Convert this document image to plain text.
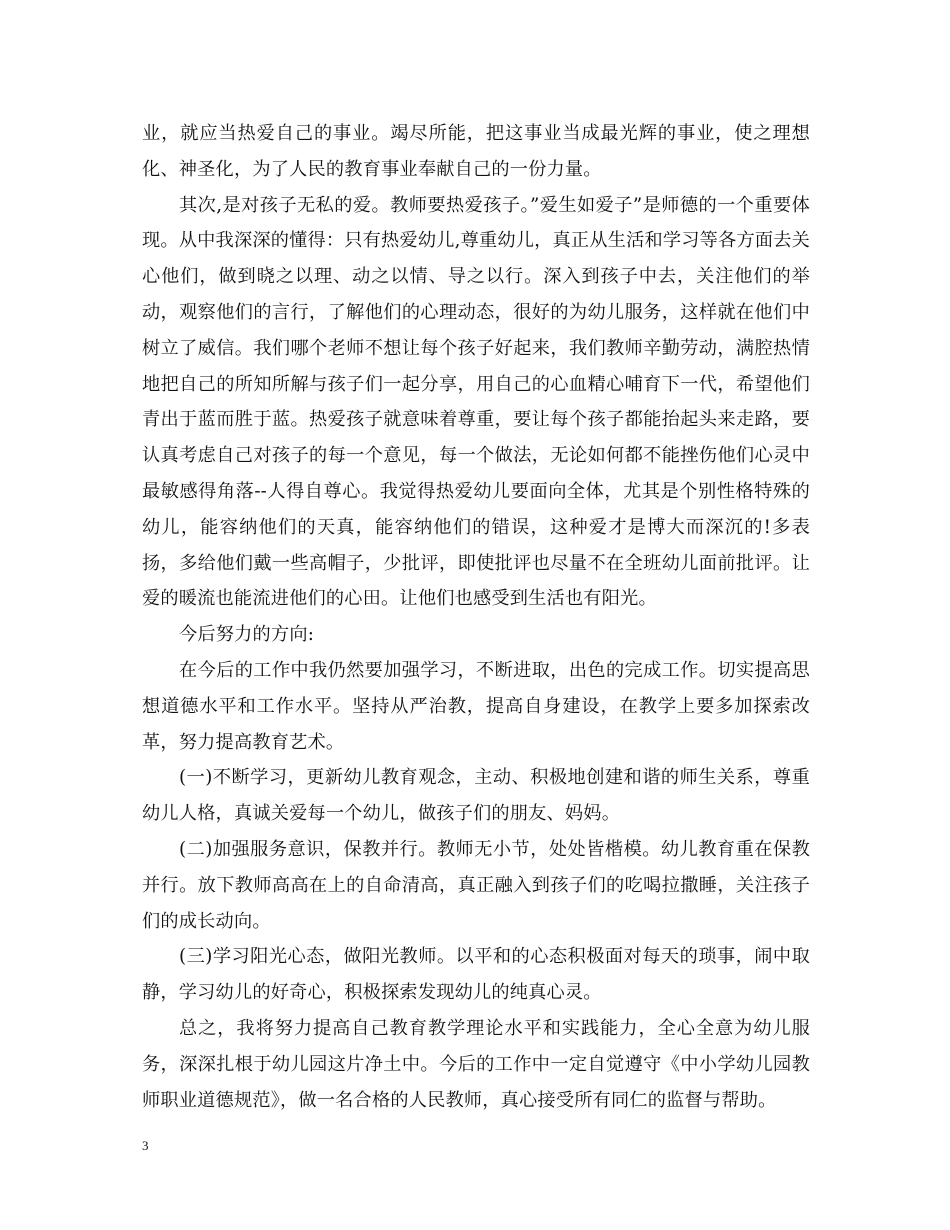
业，就应当热爱自己的事业。竭尽所能，把这事业当成最光辉的事业，使之理想化、神圣化，为了人民的教育事业奉献自己的一份力量。

其次,是对孩子无私的爱。教师要热爱孩子。”爱生如爱子”是师德的一个重要体现。从中我深深的懂得：只有热爱幼儿,尊重幼儿，真正从生活和学习等各方面去关心他们，做到晓之以理、动之以情、导之以行。深入到孩子中去，关注他们的举动，观察他们的言行，了解他们的心理动态，很好的为幼儿服务，这样就在他们中树立了威信。我们哪个老师不想让每个孩子好起来，我们教师辛勤劳动，满腔热情地把自己的所知所解与孩子们一起分享，用自己的心血精心哺育下一代，希望他们青出于蓝而胜于蓝。热爱孩子就意味着尊重，要让每个孩子都能抬起头来走路，要认真考虑自己对孩子的每一个意见，每一个做法，无论如何都不能挫伤他们心灵中最敏感得角落--人得自尊心。我觉得热爱幼儿要面向全体，尤其是个别性格特殊的幼儿，能容纳他们的天真，能容纳他们的错误，这种爱才是博大而深沉的!多表扬，多给他们戴一些高帽子，少批评，即使批评也尽量不在全班幼儿面前批评。让爱的暖流也能流进他们的心田。让他们也感受到生活也有阳光。

今后努力的方向:

在今后的工作中我仍然要加强学习，不断进取，出色的完成工作。切实提高思想道德水平和工作水平。坚持从严治教，提高自身建设，在教学上要多加探索改革，努力提高教育艺术。

(一)不断学习，更新幼儿教育观念，主动、积极地创建和谐的师生关系，尊重幼儿人格，真诚关爱每一个幼儿，做孩子们的朋友、妈妈。

(二)加强服务意识，保教并行。教师无小节，处处皆楷模。幼儿教育重在保教并行。放下教师高高在上的自命清高，真正融入到孩子们的吃喝拉撒睡，关注孩子们的成长动向。

(三)学习阳光心态，做阳光教师。以平和的心态积极面对每天的琐事，闹中取静，学习幼儿的好奇心，积极探索发现幼儿的纯真心灵。

总之，我将努力提高自己教育教学理论水平和实践能力，全心全意为幼儿服务，深深扎根于幼儿园这片净土中。今后的工作中一定自觉遵守《中小学幼儿园教师职业道德规范》，做一名合格的人民教师，真心接受所有同仁的监督与帮助。

3
